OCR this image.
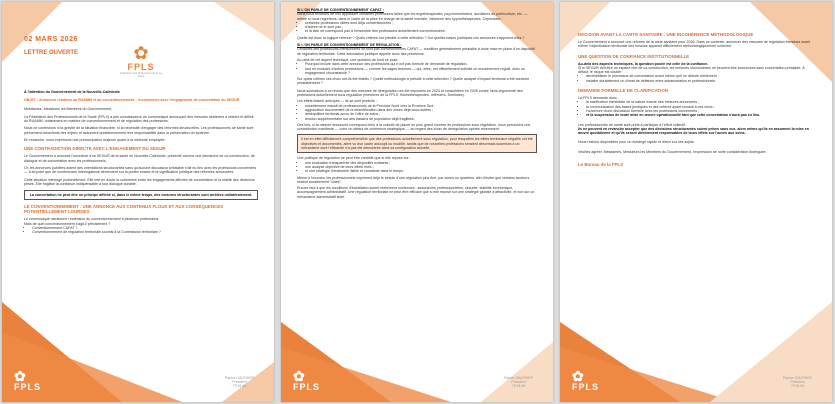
02 MARS 2026
LETTRE OUVERTE	✿
FPLS
Fédération des Professionnels de La Santé
À l'attention du Gouvernement de la Nouvelle-Calédonie
OBJET : Annonces relatives au RUAMM et au conventionnement – Incohérence avec l'engagement de concertation du SEGUR
Mesdames, Messieurs les Membres du Gouvernement,
La Fédération des Professionnels de la Santé (FPLS) a pris connaissance du communiqué annonçant des mesures destinées à réduire le déficit du RUAMM, notamment en matière de conventionnement et de régulation des professions.
Nous ne contestons ni la gravité de la situation financière, ni la nécessité d'engager des réformes structurelles. Les professionnels de santé sont pleinement conscients des enjeux et assument quotidiennement leur responsabilité dans la préservation du système.
En revanche, nous exprimons une préoccupation majeure quant à la méthode employée.
UNE CONTRADICTION DIRECTE AVEC L'ENGAGEMENT DU SEGUR
Le Gouvernement a annoncé l'ouverture d'un SEGUR de la santé en Nouvelle-Calédonie, présenté comme une démarche de co-construction, de dialogue et de concertation avec les professionnels.
Or, les annonces publiées actent des orientations structurantes sans qu'aucune discussion préalable n'ait eu lieu avec les professions concernées — à tel point que de nombreuses interrogations demeurent sur la portée exacte et la signification juridique des réformes annoncées.
Cette situation interroge profondément. Elle met en doute la cohérence entre les engagements affichés de concertation et la réalité des décisions prises. Elle fragilise la confiance indispensable à tout dialogue durable.
La concertation ne peut être un principe affiché si, dans le même temps, des mesures structurantes sont arrêtées unilatéralement.
LE CONVENTIONNEMENT : UNE ANNONCE AUX CONTENUS FLOUS ET AUX CONSÉQUENCES POTENTIELLEMENT LOURDES
Le communiqué mentionne l'extension du conventionnement à plusieurs professions.
Mais de quel conventionnement s'agit-il précisément ?
• Conventionnement CAFAT ?
• Conventionnement de régulation territoriale soumis à la Commission territoriale ?
✿
FPLS
Patrice GAUTHIER
Président
75 54 66
SI L'ON PARLE DE CONVENTIONNEMENT CAFAT :
Nous nous félicitons de voir apparaître certaines professions telles que les ergothérapeutes, psychomotriciens, auxiliaires de puériculture, etc. — même si nous regrettons, dans le cadre de la prise en charge de la santé mentale, l'absence des hypnothérapeutes. Cependant :
• certaines professions citées sont déjà conventionnées ;
• d'autres ne le sont pas ;
• et la liste ne correspond pas à l'ensemble des professions actuellement conventionnées.
Quelle est donc la logique retenue ? Quels critères ont présidé à cette sélection ? Sur quelles bases juridiques ces annonces s'appuient-elles ?
SI L'ON PARLE DE CONVENTIONNEMENT DE RÉGULATION :
Certaines des professions mentionnées ne sont pas conventionnées CAFAT — condition généralement préalable à toute mise en place d'un dispositif de régulation territoriale. Cette articulation juridique appelle donc des précisions.
Au-delà de cet aspect technique, une question de fond se pose :
• Pourquoi inclure dans cette annonce des professions qui n'ont pas formulé de demande de régulation,
• tout en excluant d'autres professions — comme les sages-femmes — qui, elles, ont officiellement sollicité un encadrement régulé, avec un engagement circonstancié ?
Sur quels critères ces choix ont-ils été établis ? Quelle méthodologie a présidé à cette sélection ? Quelle analyse d'impact territorial a été conduite préalablement ?
Nous souhaitons à ce niveau que des mesures de dérégulation ont été imposées en 2024 et consolidées en 2025 contre l'avis argumenté des professions actuellement sous régulation (membres de la FPLS, Kinésithérapeutes, Infirmiers, Dentistes).
Les effets étaient anticipés — ils se sont produits :
• ruissellement massif de professionnels de la Province Nord vers la Province Sud ;
• aggravation documentée de la désertification dans des zones déjà sous-dotées ;
• déséquilibre territorial accru de l'offre de soins ;
• tension supplémentaire sur des bassins de population déjà fragilisés.
Dès lors, si la mesure annoncée correspond bien à la volonté de placer un plus grand nombre de professions sous régulation, nous percevons une contradiction manifeste — voire un défaut de cohérence stratégique — au regard des choix de dérégulation opérés récemment.
Il est en effet difficilement compréhensible que des professions actuellement sous régulation, pour lesquelles les effets territoriaux négatifs ont été objectivés et documentés, aient vu leur cadre assoupli ou modifié, tandis que de nouvelles professions seraient désormais soumises à un mécanisme dont l'efficacité n'a pas été démontrée dans sa configuration actuelle.
Une politique de régulation ne peut être crédible que si elle repose sur :
• une évaluation transparente des dispositifs existants ;
• une analyse objective de leurs effets réels ;
• et une stratégie d'ensemble lisible et constante dans le temps.
Même à Nouméa, les professionnels expriment déjà le besoin d'une régulation plus fine, par zones ou quartiers, afin d'éviter que certains secteurs restent durablement "vides".
Encore faut-il que les conditions d'installation soient réellement soutenues : assurances professionnelles, sécurité, stabilité économique, accompagnement administratif. Une régulation territoriale ne peut être efficace que si elle repose sur une stratégie globale d'attractivité, et non sur un mécanisme administratif isolé.
✿
FPLS
Patrice GAUTHIER
Président
75 54 66
DÉCISION AVANT LA CARTE SANITAIRE : UNE INCOHÉRENCE MÉTHODOLOGIQUE
Le Gouvernement a annoncé une réforme de la carte sanitaire pour 2026. Dans ce contexte, annoncer des mesures de régulation étendues avant même l'objectivation territoriale des besoins apparaît difficilement méthodologiquement cohérent.
UNE QUESTION DE CONFIANCE INSTITUTIONNELLE
Au-delà des aspects techniques, la question posée est celle de la confiance.
Si le SEGUR doit être un espace réel de co-construction, les mesures structurantes ne peuvent être annoncées sans concertation préalable. À défaut, le risque est double :
• décrédibiliser le processus de concertation avant même qu'il ne débute réellement ;
• installer durablement un climat de défiance entre administration et professionnels.
DEMANDE FORMELLE DE CLARIFICATION
La FPLS demande donc :
• la clarification immédiate de la nature exacte des mesures annoncées ;
• la communication des bases juridiques et des critères ayant conduit à ces choix ;
• l'ouverture d'une discussion formelle avec les professions concernées ;
• et la suspension de toute mise en œuvre opérationnelle tant que cette concertation n'aura pas eu lieu.
Les professionnels de santé sont prêts à participer à l'effort collectif.
Ils ne peuvent en revanche accepter que des décisions structurantes soient prises sans eux, alors même qu'ils en assument la mise en œuvre quotidienne et qu'ils seront directement responsables de leurs effets sur l'accès aux soins.
Nous restons disponibles pour un échange rapide et direct sur ces sujets.
Veuillez agréer, Mesdames, Messieurs les Membres du Gouvernement, l'expression de notre considération distinguée.
Le Bureau de la FPLS
✿
FPLS
Patrice GAUTHIER
Président
75 54 66
